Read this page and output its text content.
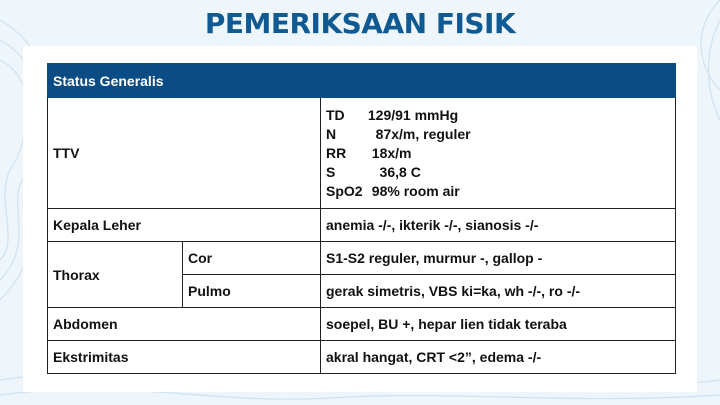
PEMERIKSAAN FISIK
Status Generalis		
TTV		TD 129/91 mmHg
N   87x/m, reguler
RR  18x/m
S    36,8 C
SpO2  98% room air

Kepala Leher		anemia -/-, ikterik -/-, sianosis -/-
Thorax	Cor	S1-S2 reguler, murmur -, gallop -
	Pulmo	gerak simetris, VBS ki=ka, wh -/-, ro -/-
Abdomen		soepel, BU +, hepar lien tidak teraba
Ekstrimitas		akral hangat, CRT <2”, edema -/-
